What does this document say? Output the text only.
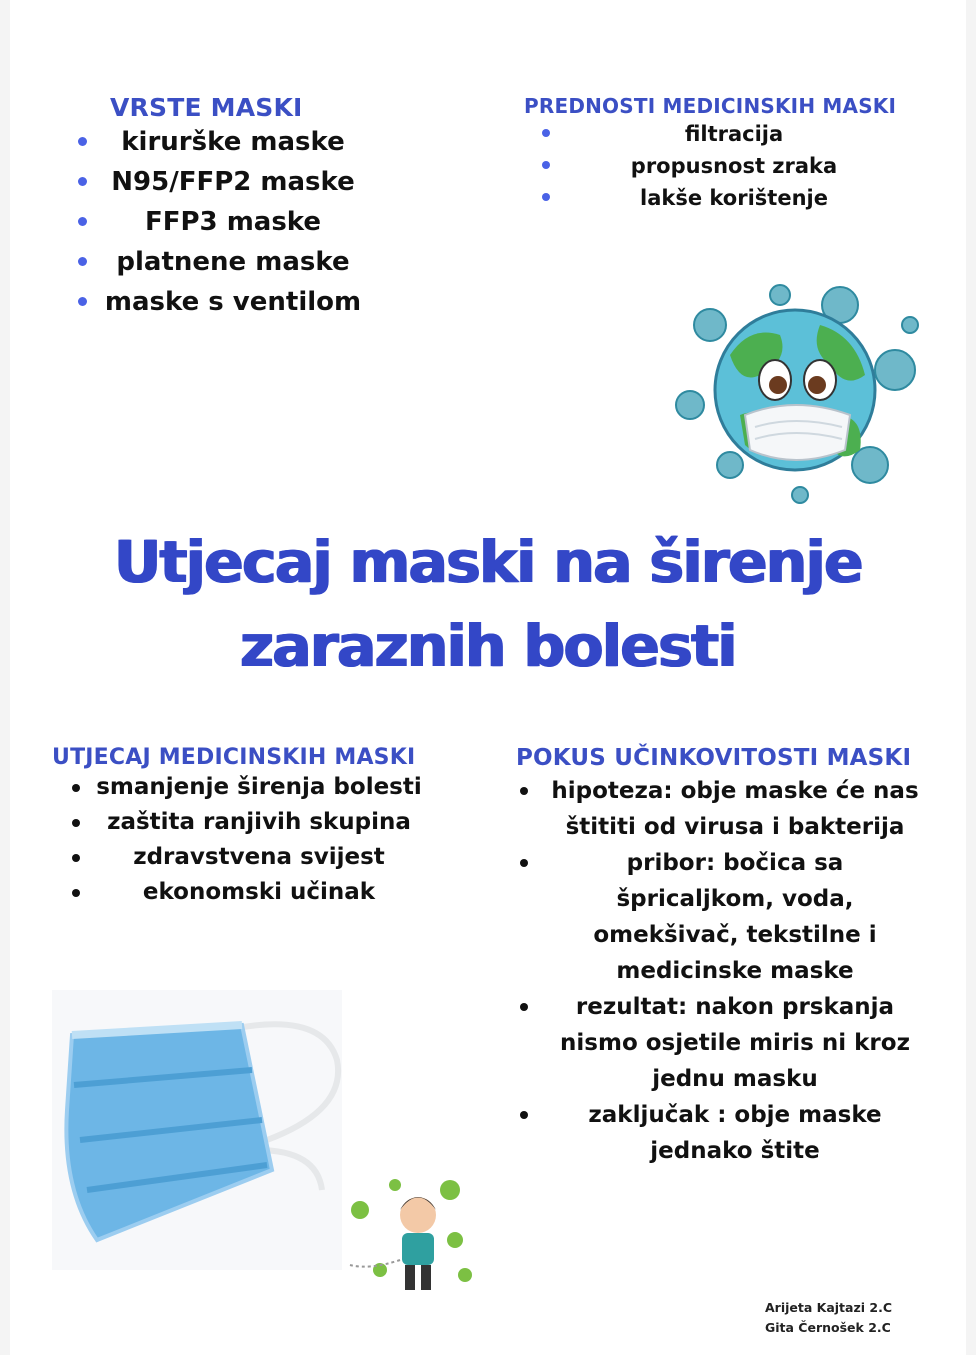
VRSTE MASKI
kirurške maske
N95/FFP2 maske
FFP3 maske
platnene maske
maske s ventilom
PREDNOSTI MEDICINSKIH MASKI
filtracija
propusnost zraka
lakše korištenje
Utjecaj maski na širenje
zaraznih bolesti
UTJECAJ MEDICINSKIH MASKI
smanjenje širenja bolesti
zaštita ranjivih skupina
zdravstvena svijest
ekonomski učinak
POKUS UČINKOVITOSTI MASKI
hipoteza: obje maske će nas štititi od virusa i bakterija
pribor: bočica sa špricaljkom, voda, omekšivač, tekstilne i medicinske maske
rezultat: nakon prskanja nismo osjetile miris ni kroz jednu masku
zaključak : obje maske jednako štite
Arijeta Kajtazi 2.C
Gita Černošek 2.C
